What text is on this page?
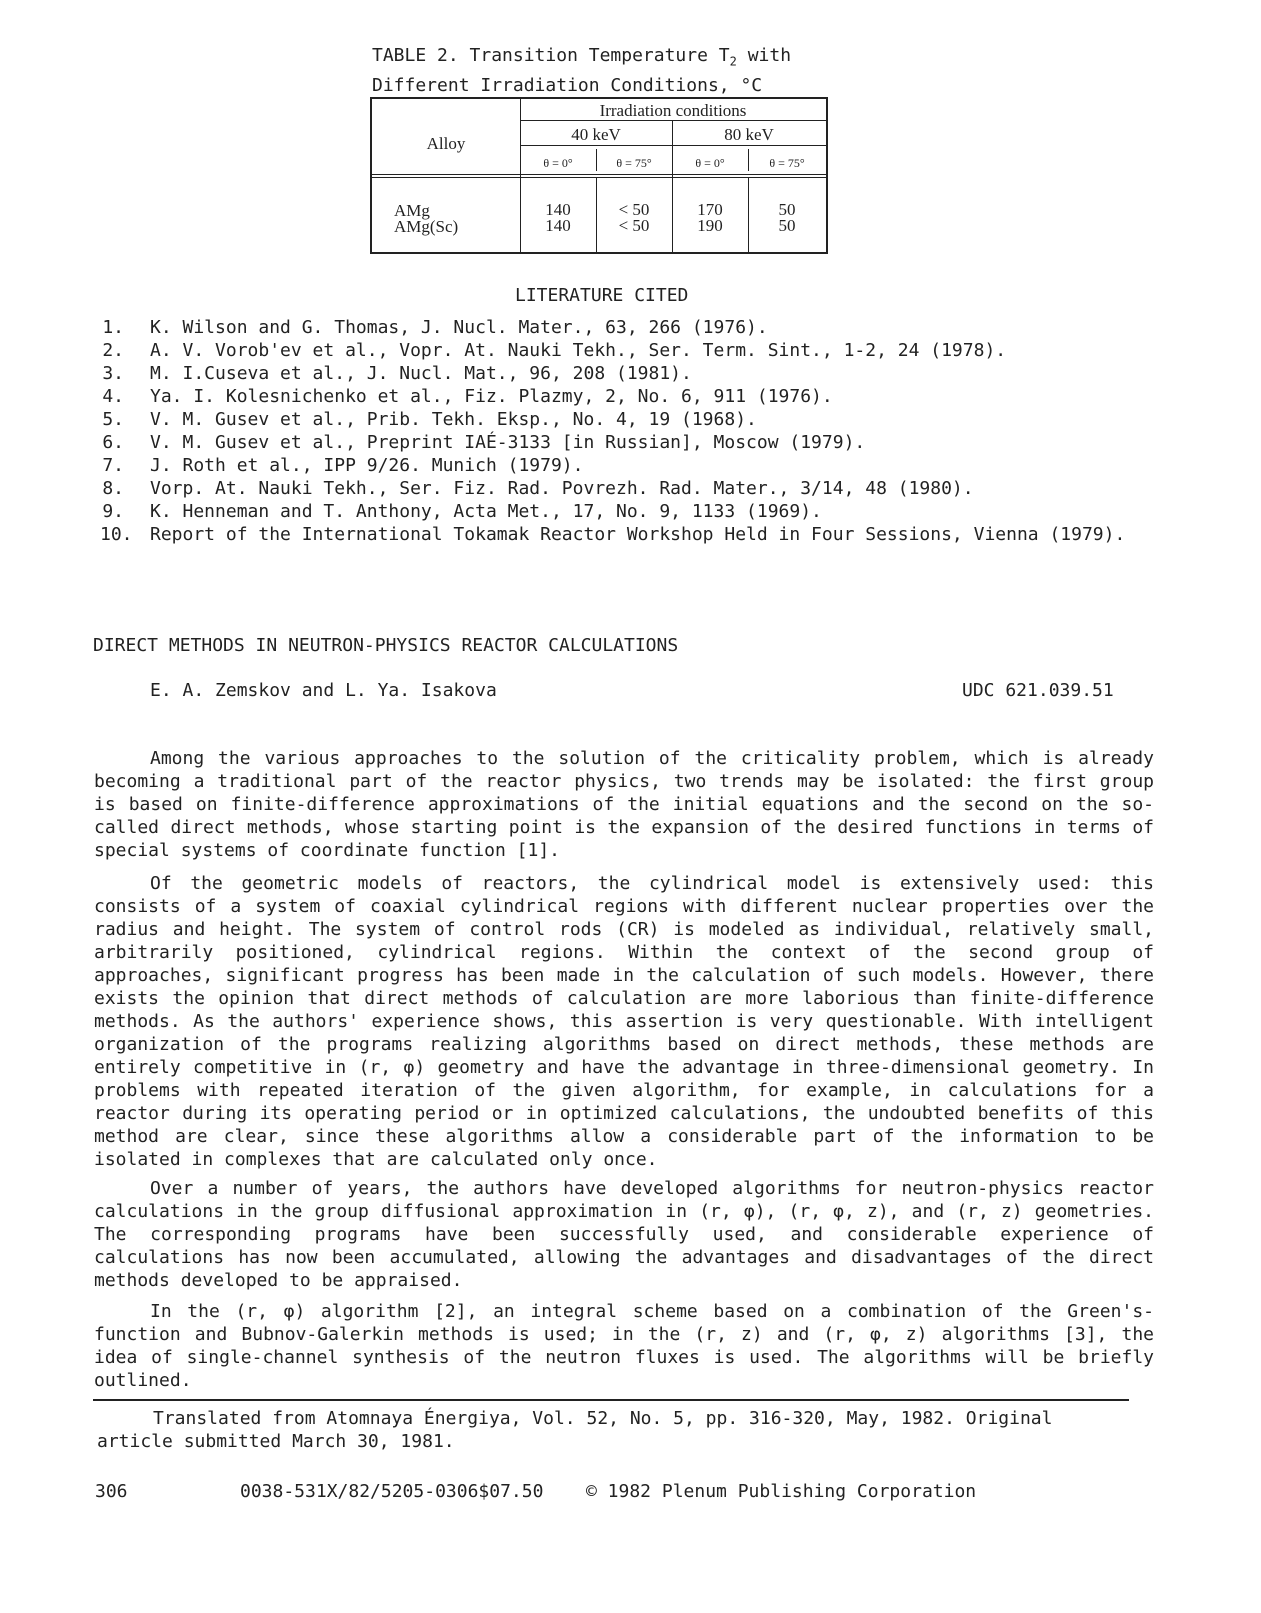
TABLE 2. Transition Temperature $T_2$ with
Different Irradiation Conditions, °C
Irradiation conditions
Alloy	40 keV	80 keV
θ = 0°	θ = 75°	θ = 0°	θ = 75°
AMg	140	< 50	170	50
AMg(Sc)	140	< 50	190	50
LITERATURE CITED
1. K. Wilson and G. Thomas, J. Nucl. Mater., 63, 266 (1976).
2. A. V. Vorob'ev et al., Vopr. At. Nauki Tekh., Ser. Term. Sint., 1-2, 24 (1978).
3. M. I.Cuseva et al., J. Nucl. Mat., 96, 208 (1981).
4. Ya. I. Kolesnichenko et al., Fiz. Plazmy, 2, No. 6, 911 (1976).
5. V. M. Gusev et al., Prib. Tekh. Eksp., No. 4, 19 (1968).
6. V. M. Gusev et al., Preprint IAÉ-3133 [in Russian], Moscow (1979).
7. J. Roth et al., IPP 9/26. Munich (1979).
8. Vorp. At. Nauki Tekh., Ser. Fiz. Rad. Povrezh. Rad. Mater., 3/14, 48 (1980).
9. K. Henneman and T. Anthony, Acta Met., 17, No. 9, 1133 (1969).
10. Report of the International Tokamak Reactor Workshop Held in Four Sessions, Vienna (1979).
DIRECT METHODS IN NEUTRON-PHYSICS REACTOR CALCULATIONS
E. A. Zemskov and L. Ya. Isakova	UDC 621.039.51

Among the various approaches to the solution of the criticality problem, which is already becoming a traditional part of the reactor physics, two trends may be isolated: the first group is based on finite-difference approximations of the initial equations and the second on the so-called direct methods, whose starting point is the expansion of the desired functions in terms of special systems of coordinate function [1].

Of the geometric models of reactors, the cylindrical model is extensively used: this consists of a system of coaxial cylindrical regions with different nuclear properties over the radius and height. The system of control rods (CR) is modeled as individual, relatively small, arbitrarily positioned, cylindrical regions. Within the context of the second group of approaches, significant progress has been made in the calculation of such models. However, there exists the opinion that direct methods of calculation are more laborious than finite-difference methods. As the authors' experience shows, this assertion is very questionable. With intelligent organization of the programs realizing algorithms based on direct methods, these methods are entirely competitive in (r, φ) geometry and have the advantage in three-dimensional geometry. In problems with repeated iteration of the given algorithm, for example, in calculations for a reactor during its operating period or in optimized calculations, the undoubted benefits of this method are clear, since these algorithms allow a considerable part of the information to be isolated in complexes that are calculated only once.

Over a number of years, the authors have developed algorithms for neutron-physics reactor calculations in the group diffusional approximation in (r, φ), (r, φ, z), and (r, z) geometries. The corresponding programs have been successfully used, and considerable experience of calculations has now been accumulated, allowing the advantages and disadvantages of the direct methods developed to be appraised.

In the (r, φ) algorithm [2], an integral scheme based on a combination of the Green's-function and Bubnov-Galerkin methods is used; in the (r, z) and (r, φ, z) algorithms [3], the idea of single-channel synthesis of the neutron fluxes is used. The algorithms will be briefly outlined.

Translated from Atomnaya Énergiya, Vol. 52, No. 5, pp. 316-320, May, 1982. Original article submitted March 30, 1981.

306	0038-531X/82/5205-0306$07.50 © 1982 Plenum Publishing Corporation
